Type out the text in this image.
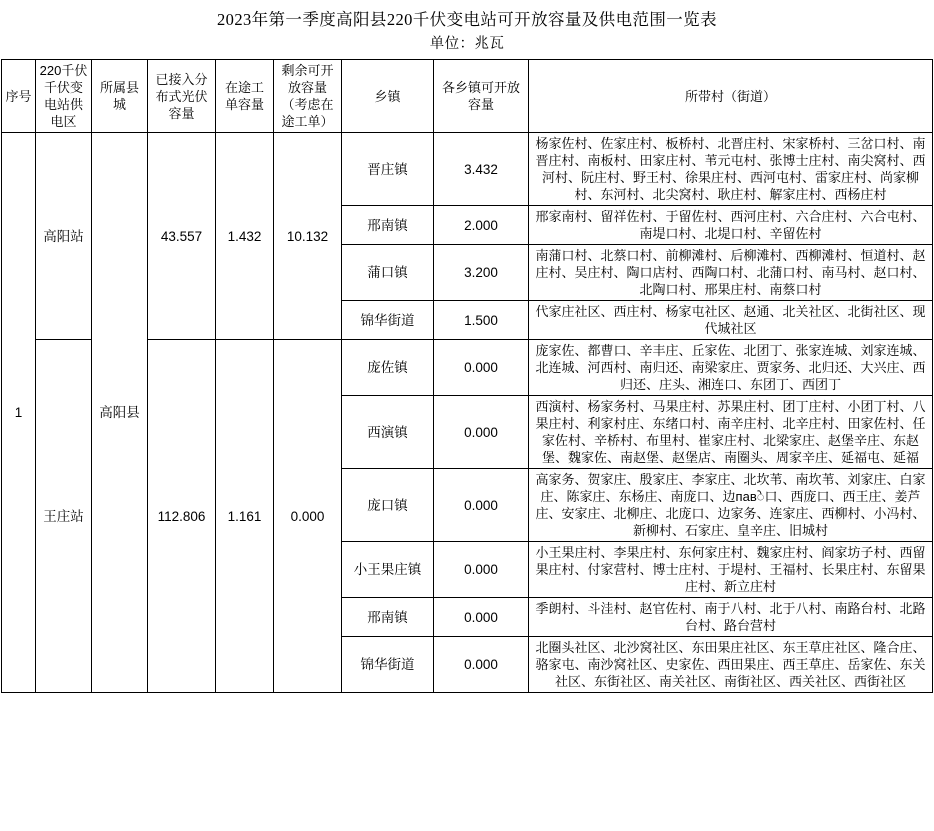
2023年第一季度高阳县220千伏变电站可开放容量及供电范围一览表
单位：兆瓦
序号	220千伏千伏变电站供电区	所属县城	已接入分布式光伏容量	在途工单容量	剩余可开放容量（考虑在途工单）	乡镇	各乡镇可开放容量	所带村（街道）
1	高阳站	高阳县	43.557	1.432	10.132	晋庄镇	3.432	杨家佐村、佐家庄村、板桥村、北晋庄村、宋家桥村、三岔口村、南晋庄村、南板村、田家庄村、苇元屯村、张博士庄村、南尖窝村、西河村、阮庄村、野王村、徐果庄村、西河屯村、雷家庄村、尚家柳村、东河村、北尖窝村、耿庄村、解家庄村、西杨庄村
						邢南镇	2.000	邢家南村、留祥佐村、于留佐村、西河庄村、六合庄村、六合屯村、南堤口村、北堤口村、辛留佐村
						蒲口镇	3.200	南蒲口村、北蔡口村、前柳滩村、后柳滩村、西柳滩村、恒道村、赵庄村、吴庄村、陶口店村、西陶口村、北蒲口村、南马村、赵口村、北陶口村、邢果庄村、南蔡口村
						锦华街道	1.500	代家庄社区、西庄村、杨家屯社区、赵通、北关社区、北街社区、现代城社区
	王庄站		112.806	1.161	0.000	庞佐镇	0.000	庞家佐、都曹口、辛丰庄、丘家佐、北团丁、张家连城、刘家连城、北连城、河西村、南归还、南梁家庄、贾家务、北归还、大兴庄、西归还、庄头、湘连口、东团丁、西团丁
						西演镇	0.000	西演村、杨家务村、马果庄村、苏果庄村、团丁庄村、小团丁村、八果庄村、利家村庄、东绪口村、南辛庄村、北辛庄村、田家佐村、任家佐村、辛桥村、布里村、崔家庄村、北梁家庄、赵堡辛庄、东赵堡、魏家佐、南赵堡、赵堡店、南圈头、周家辛庄、延福屯、延福
						庞口镇	0.000	高家务、贺家庄、殷家庄、李家庄、北坎苇、南坎苇、刘家庄、白家庄、陈家庄、东杨庄、南庞口、边павे口、西庞口、西王庄、姜芦庄、安家庄、北柳庄、北庞口、边家务、连家庄、西柳村、小冯村、新柳村、石家庄、皇辛庄、旧城村
						小王果庄镇	0.000	小王果庄村、李果庄村、东何家庄村、魏家庄村、阎家坊子村、西留果庄村、付家营村、博士庄村、于堤村、王福村、长果庄村、东留果庄村、新立庄村
						邢南镇	0.000	季朗村、斗洼村、赵官佐村、南于八村、北于八村、南路台村、北路台村、路台营村
						锦华街道	0.000	北圈头社区、北沙窝社区、东田果庄社区、东王草庄社区、隆合庄、骆家屯、南沙窝社区、史家佐、西田果庄、西王草庄、岳家佐、东关社区、东街社区、南关社区、南街社区、西关社区、西街社区
